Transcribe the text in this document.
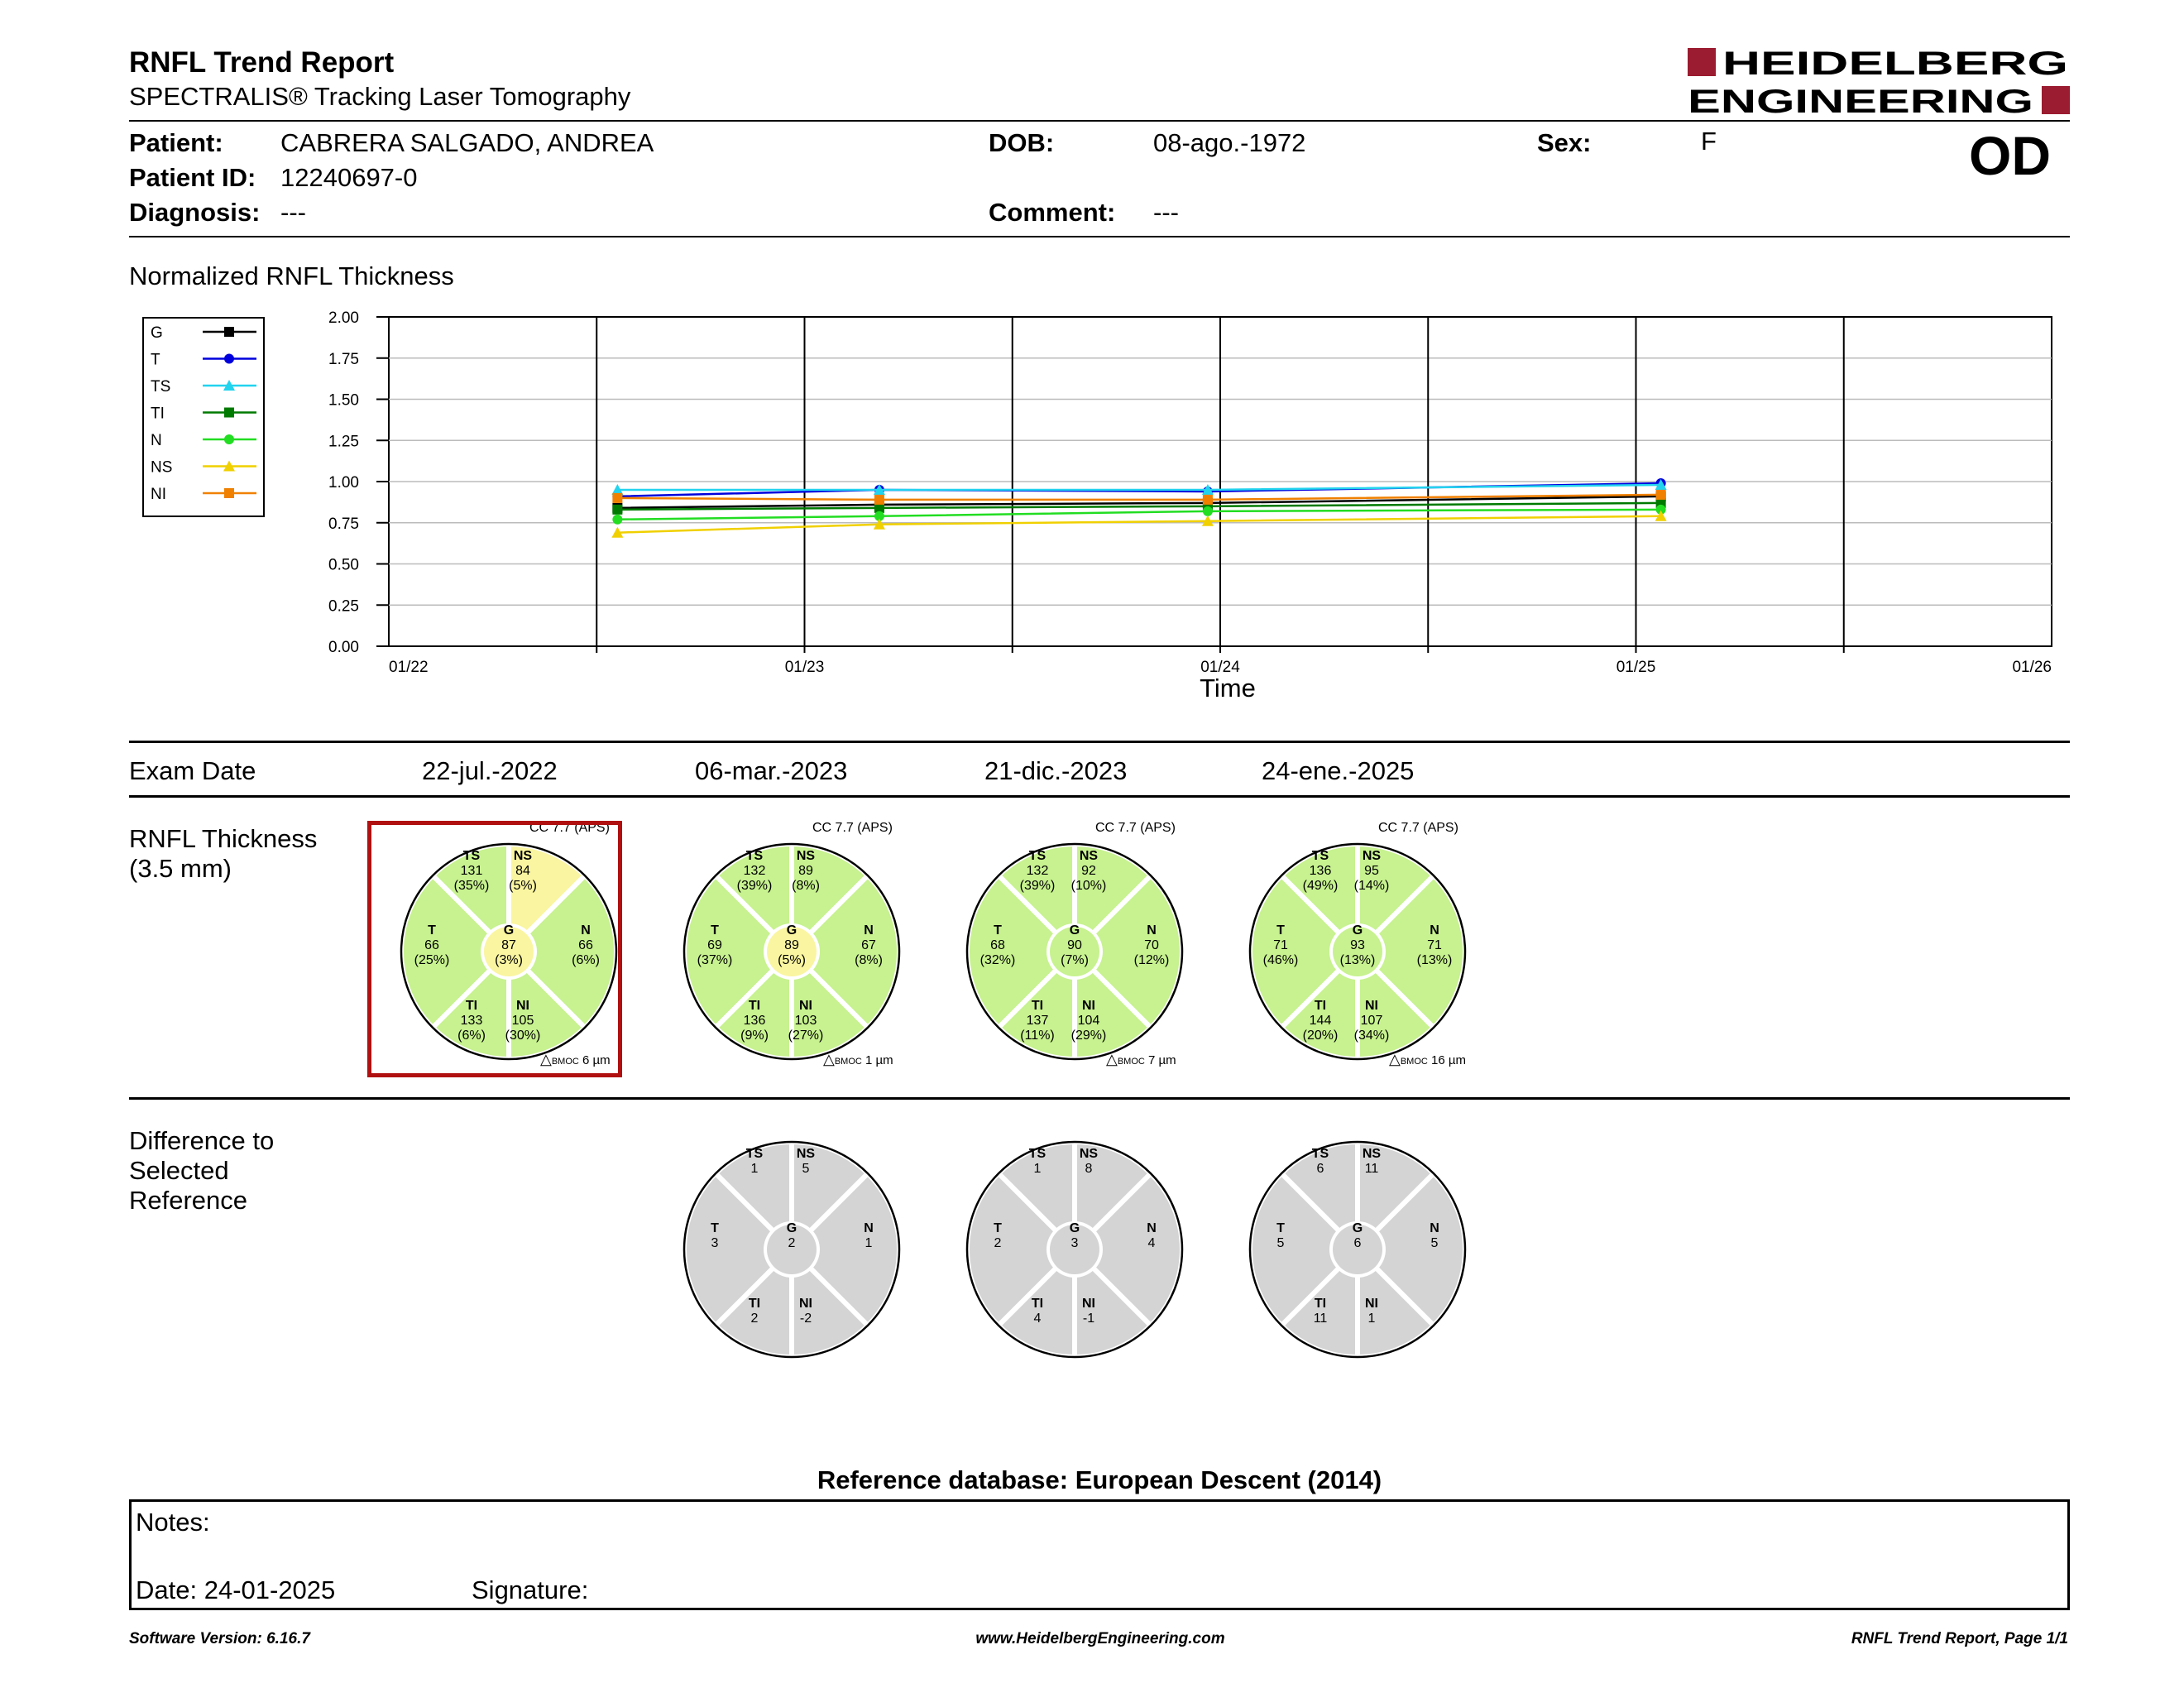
RNFL Trend Report
SPECTRALIS® Tracking Laser Tomography
HEIDELBERG
ENGINEERING
Patient: CABRERA SALGADO, ANDREA
Patient ID: 12240697-0
Diagnosis: ---
DOB:	08-ago.-1972
Comment: ---
Sex:	F	OD
Normalized RNFL Thickness
G
T
TS
TI
N
NS
NI
0.00
0.25
0.50
0.75
1.00
1.25
1.50
1.75
2.00
01/22	01/23	01/24	01/25	01/26
Time
Exam Date	22-jul.-2022	06-mar.-2023	21-dic.-2023	24-ene.-2025
RNFL Thickness
(3.5 mm)	TS
131
(35%)
NS
84
(5%)
T
66
(25%)
N
66
(6%)
TI
133
(6%)
NI
105
(30%)
G
87
(3%)
CC 7.7 (APS)
△BMOC 6 µm
TS
132
(39%)
NS
89
(8%)
T
69
(37%)
N
67
(8%)
TI
136
(9%)
NI
103
(27%)
G
89
(5%)
CC 7.7 (APS)
△BMOC 1 µm
TS
132
(39%)
NS
92
(10%)
T
68
(32%)
N
70
(12%)
TI
137
(11%)
NI
104
(29%)
G
90
(7%)
CC 7.7 (APS)
△BMOC 7 µm
TS
136
(49%)
NS
95
(14%)
T
71
(46%)
N
71
(13%)
TI
144
(20%)
NI
107
(34%)
G
93
(13%)
CC 7.7 (APS)
△BMOC 16 µm
Difference to
Selected
Reference
TS
1
NS
5
T
3
N
1
TI
2
NI
-2
G
2
TS
1
NS
8
T
2
N
4
TI
4
NI
-1
G
3
TS
6
NS
11
T
5
N
5
TI
11
NI
1
G
6
Reference database: European Descent (2014)
Notes:
Date: 24-01-2025	Signature:
Software Version: 6.16.7	www.HeidelbergEngineering.com	RNFL Trend Report, Page 1/1
